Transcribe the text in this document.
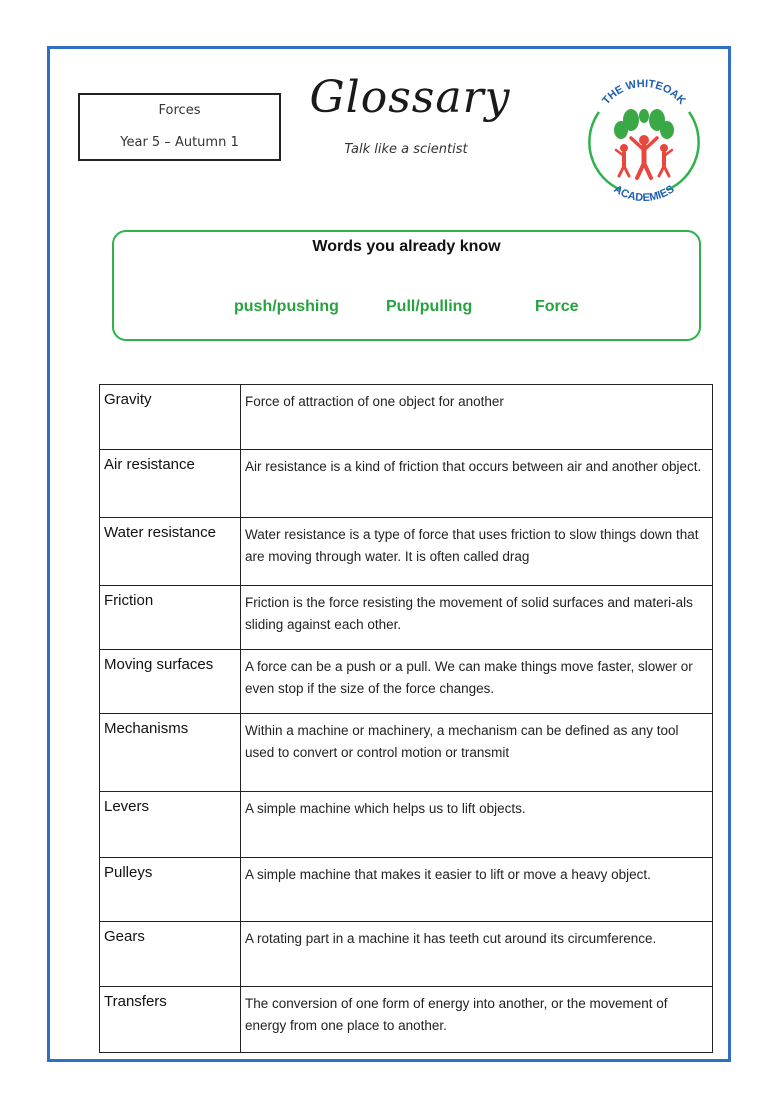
Forces
Year 5 – Autumn 1
Glossary
Talk like a scientist
THE WHITEOAK
ACADEMIES
Words you already know
push/pushing	Pull/pulling	Force
Gravity	Force of attraction of one object for another
Air resistance	Air resistance is a kind of friction that occurs between air and another object.
Water resistance	Water resistance is a type of force that uses friction to slow things down that are moving through water. It is often called drag
Friction	Friction is the force resisting the movement of solid surfaces and materi-als sliding against each other.
Moving surfaces	A force can be a push or a pull. We can make things move faster, slower or even stop if the size of the force changes.
Mechanisms	Within a machine or machinery, a mechanism can be defined as any tool used to convert or control motion or transmit
Levers	A simple machine which helps us to lift objects.
Pulleys	A simple machine that makes it easier to lift or move a heavy object.
Gears	A rotating part in a machine it has teeth cut around its circumference.
Transfers	The conversion of one form of energy into another, or the movement of energy from one place to another.
